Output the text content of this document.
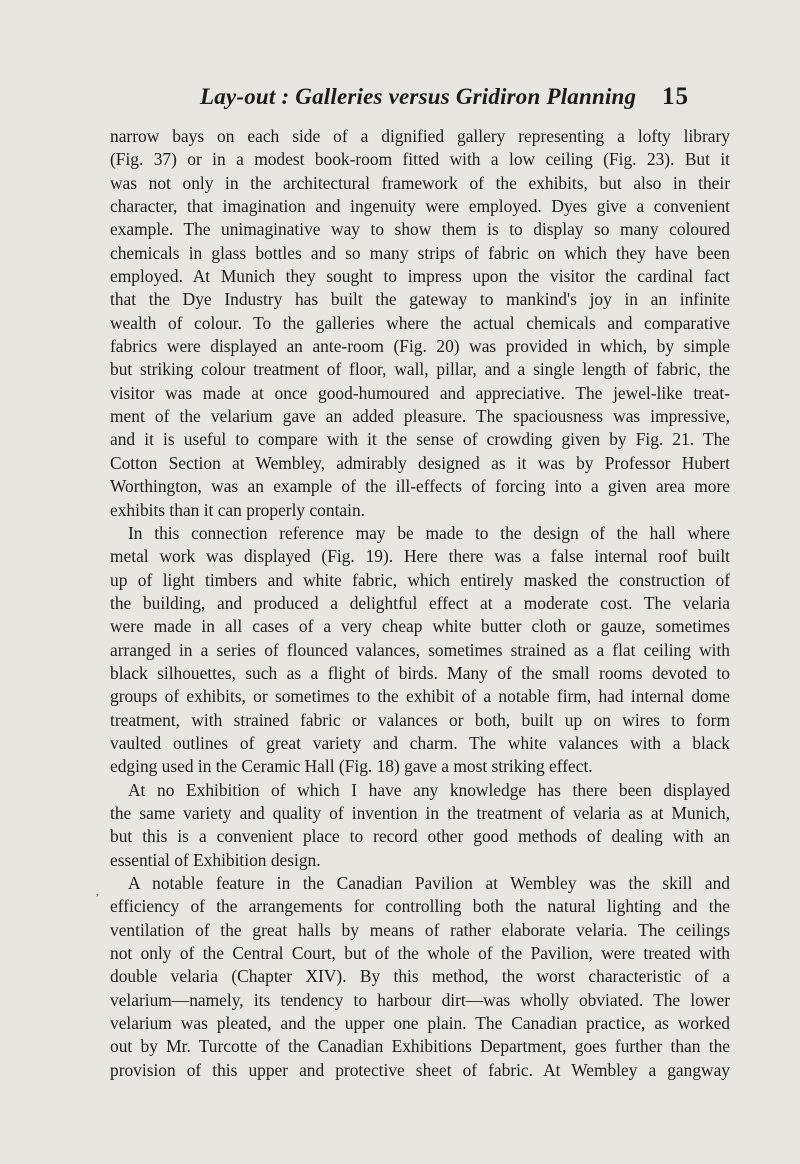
Lay-out : Galleries versus Gridiron Planning 15
,
narrow bays on each side of a dignified gallery representing a lofty library
(Fig. 37) or in a modest book-room fitted with a low ceiling (Fig. 23). But it
was not only in the architectural framework of the exhibits, but also in their
character, that imagination and ingenuity were employed. Dyes give a convenient
example. The unimaginative way to show them is to display so many coloured
chemicals in glass bottles and so many strips of fabric on which they have been
employed. At Munich they sought to impress upon the visitor the cardinal fact
that the Dye Industry has built the gateway to mankind's joy in an infinite
wealth of colour. To the galleries where the actual chemicals and comparative
fabrics were displayed an ante-room (Fig. 20) was provided in which, by simple
but striking colour treatment of floor, wall, pillar, and a single length of fabric, the
visitor was made at once good-humoured and appreciative. The jewel-like treat-
ment of the velarium gave an added pleasure. The spaciousness was impressive,
and it is useful to compare with it the sense of crowding given by Fig. 21. The
Cotton Section at Wembley, admirably designed as it was by Professor Hubert
Worthington, was an example of the ill-effects of forcing into a given area more
exhibits than it can properly contain.
In this connection reference may be made to the design of the hall where
metal work was displayed (Fig. 19). Here there was a false internal roof built
up of light timbers and white fabric, which entirely masked the construction of
the building, and produced a delightful effect at a moderate cost. The velaria
were made in all cases of a very cheap white butter cloth or gauze, sometimes
arranged in a series of flounced valances, sometimes strained as a flat ceiling with
black silhouettes, such as a flight of birds. Many of the small rooms devoted to
groups of exhibits, or sometimes to the exhibit of a notable firm, had internal dome
treatment, with strained fabric or valances or both, built up on wires to form
vaulted outlines of great variety and charm. The white valances with a black
edging used in the Ceramic Hall (Fig. 18) gave a most striking effect.
At no Exhibition of which I have any knowledge has there been displayed
the same variety and quality of invention in the treatment of velaria as at Munich,
but this is a convenient place to record other good methods of dealing with an
essential of Exhibition design.
A notable feature in the Canadian Pavilion at Wembley was the skill and
efficiency of the arrangements for controlling both the natural lighting and the
ventilation of the great halls by means of rather elaborate velaria. The ceilings
not only of the Central Court, but of the whole of the Pavilion, were treated with
double velaria (Chapter XIV). By this method, the worst characteristic of a
velarium—namely, its tendency to harbour dirt—was wholly obviated. The lower
velarium was pleated, and the upper one plain. The Canadian practice, as worked
out by Mr. Turcotte of the Canadian Exhibitions Department, goes further than the
provision of this upper and protective sheet of fabric. At Wembley a gangway
